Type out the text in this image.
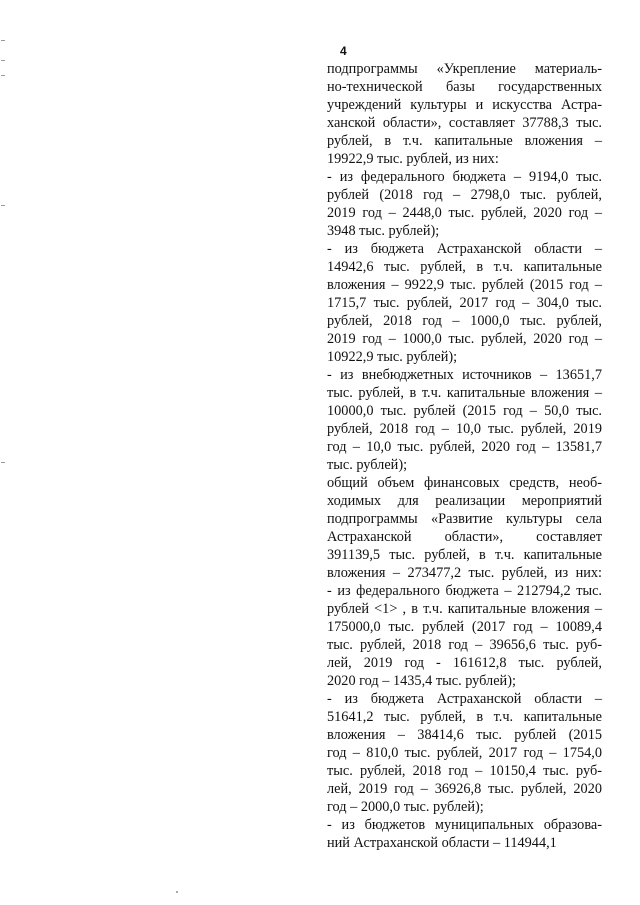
4
подпрограммы «Укрепление материаль-
но-технической базы государственных
учреждений культуры и искусства Астра-
ханской области», составляет 37788,3 тыс.
рублей, в т.ч. капитальные вложения –
19922,9 тыс. рублей, из них:
- из федерального бюджета – 9194,0 тыс.
рублей (2018 год – 2798,0 тыс. рублей,
2019 год – 2448,0 тыс. рублей, 2020 год –
3948 тыс. рублей);
- из бюджета Астраханской области –
14942,6 тыс. рублей, в т.ч. капитальные
вложения – 9922,9 тыс. рублей (2015 год –
1715,7 тыс. рублей, 2017 год – 304,0 тыс.
рублей, 2018 год – 1000,0 тыс. рублей,
2019 год – 1000,0 тыс. рублей, 2020 год –
10922,9 тыс. рублей);
- из внебюджетных источников – 13651,7
тыс. рублей, в т.ч. капитальные вложения –
10000,0 тыс. рублей (2015 год – 50,0 тыс.
рублей, 2018 год – 10,0 тыс. рублей, 2019
год – 10,0 тыс. рублей, 2020 год – 13581,7
тыс. рублей);
общий объем финансовых средств, необ-
ходимых для реализации мероприятий
подпрограммы «Развитие культуры села
Астраханской области», составляет
391139,5 тыс. рублей, в т.ч. капитальные
вложения – 273477,2 тыс. рублей, из них:
- из федерального бюджета – 212794,2 тыс.
рублей <1> , в т.ч. капитальные вложения –
175000,0 тыс. рублей (2017 год – 10089,4
тыс. рублей, 2018 год – 39656,6 тыс. руб-
лей, 2019 год - 161612,8 тыс. рублей,
2020 год – 1435,4 тыс. рублей);
- из бюджета Астраханской области –
51641,2 тыс. рублей, в т.ч. капитальные
вложения – 38414,6 тыс. рублей (2015
год – 810,0 тыс. рублей, 2017 год – 1754,0
тыс. рублей, 2018 год – 10150,4 тыс. руб-
лей, 2019 год – 36926,8 тыс. рублей, 2020
год – 2000,0 тыс. рублей);
- из бюджетов муниципальных образова-
ний Астраханской области – 114944,1
